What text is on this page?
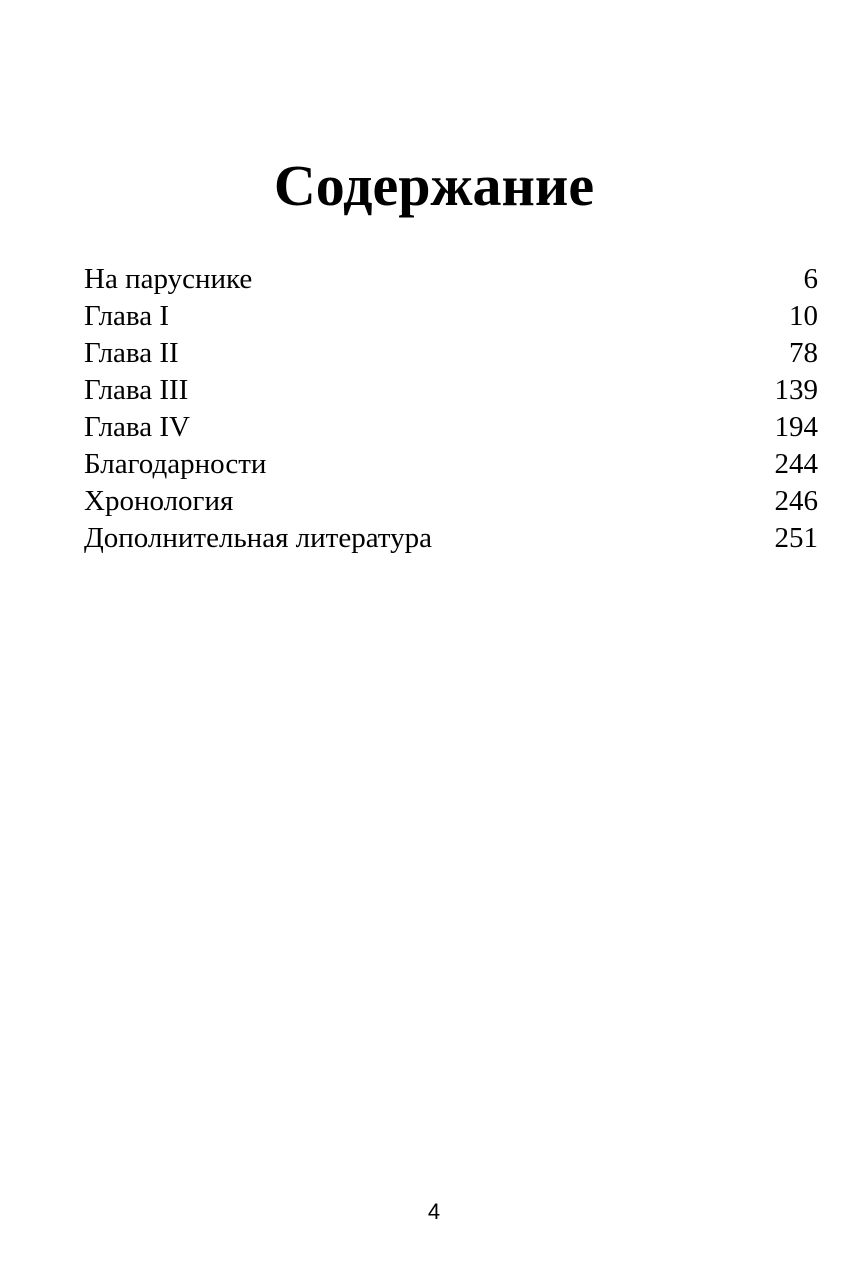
Содержание
На паруснике	6
Глава I	10
Глава II	78
Глава III	139
Глава IV	194
Благодарности	244
Хронология	246
Дополнительная литература	251
4
